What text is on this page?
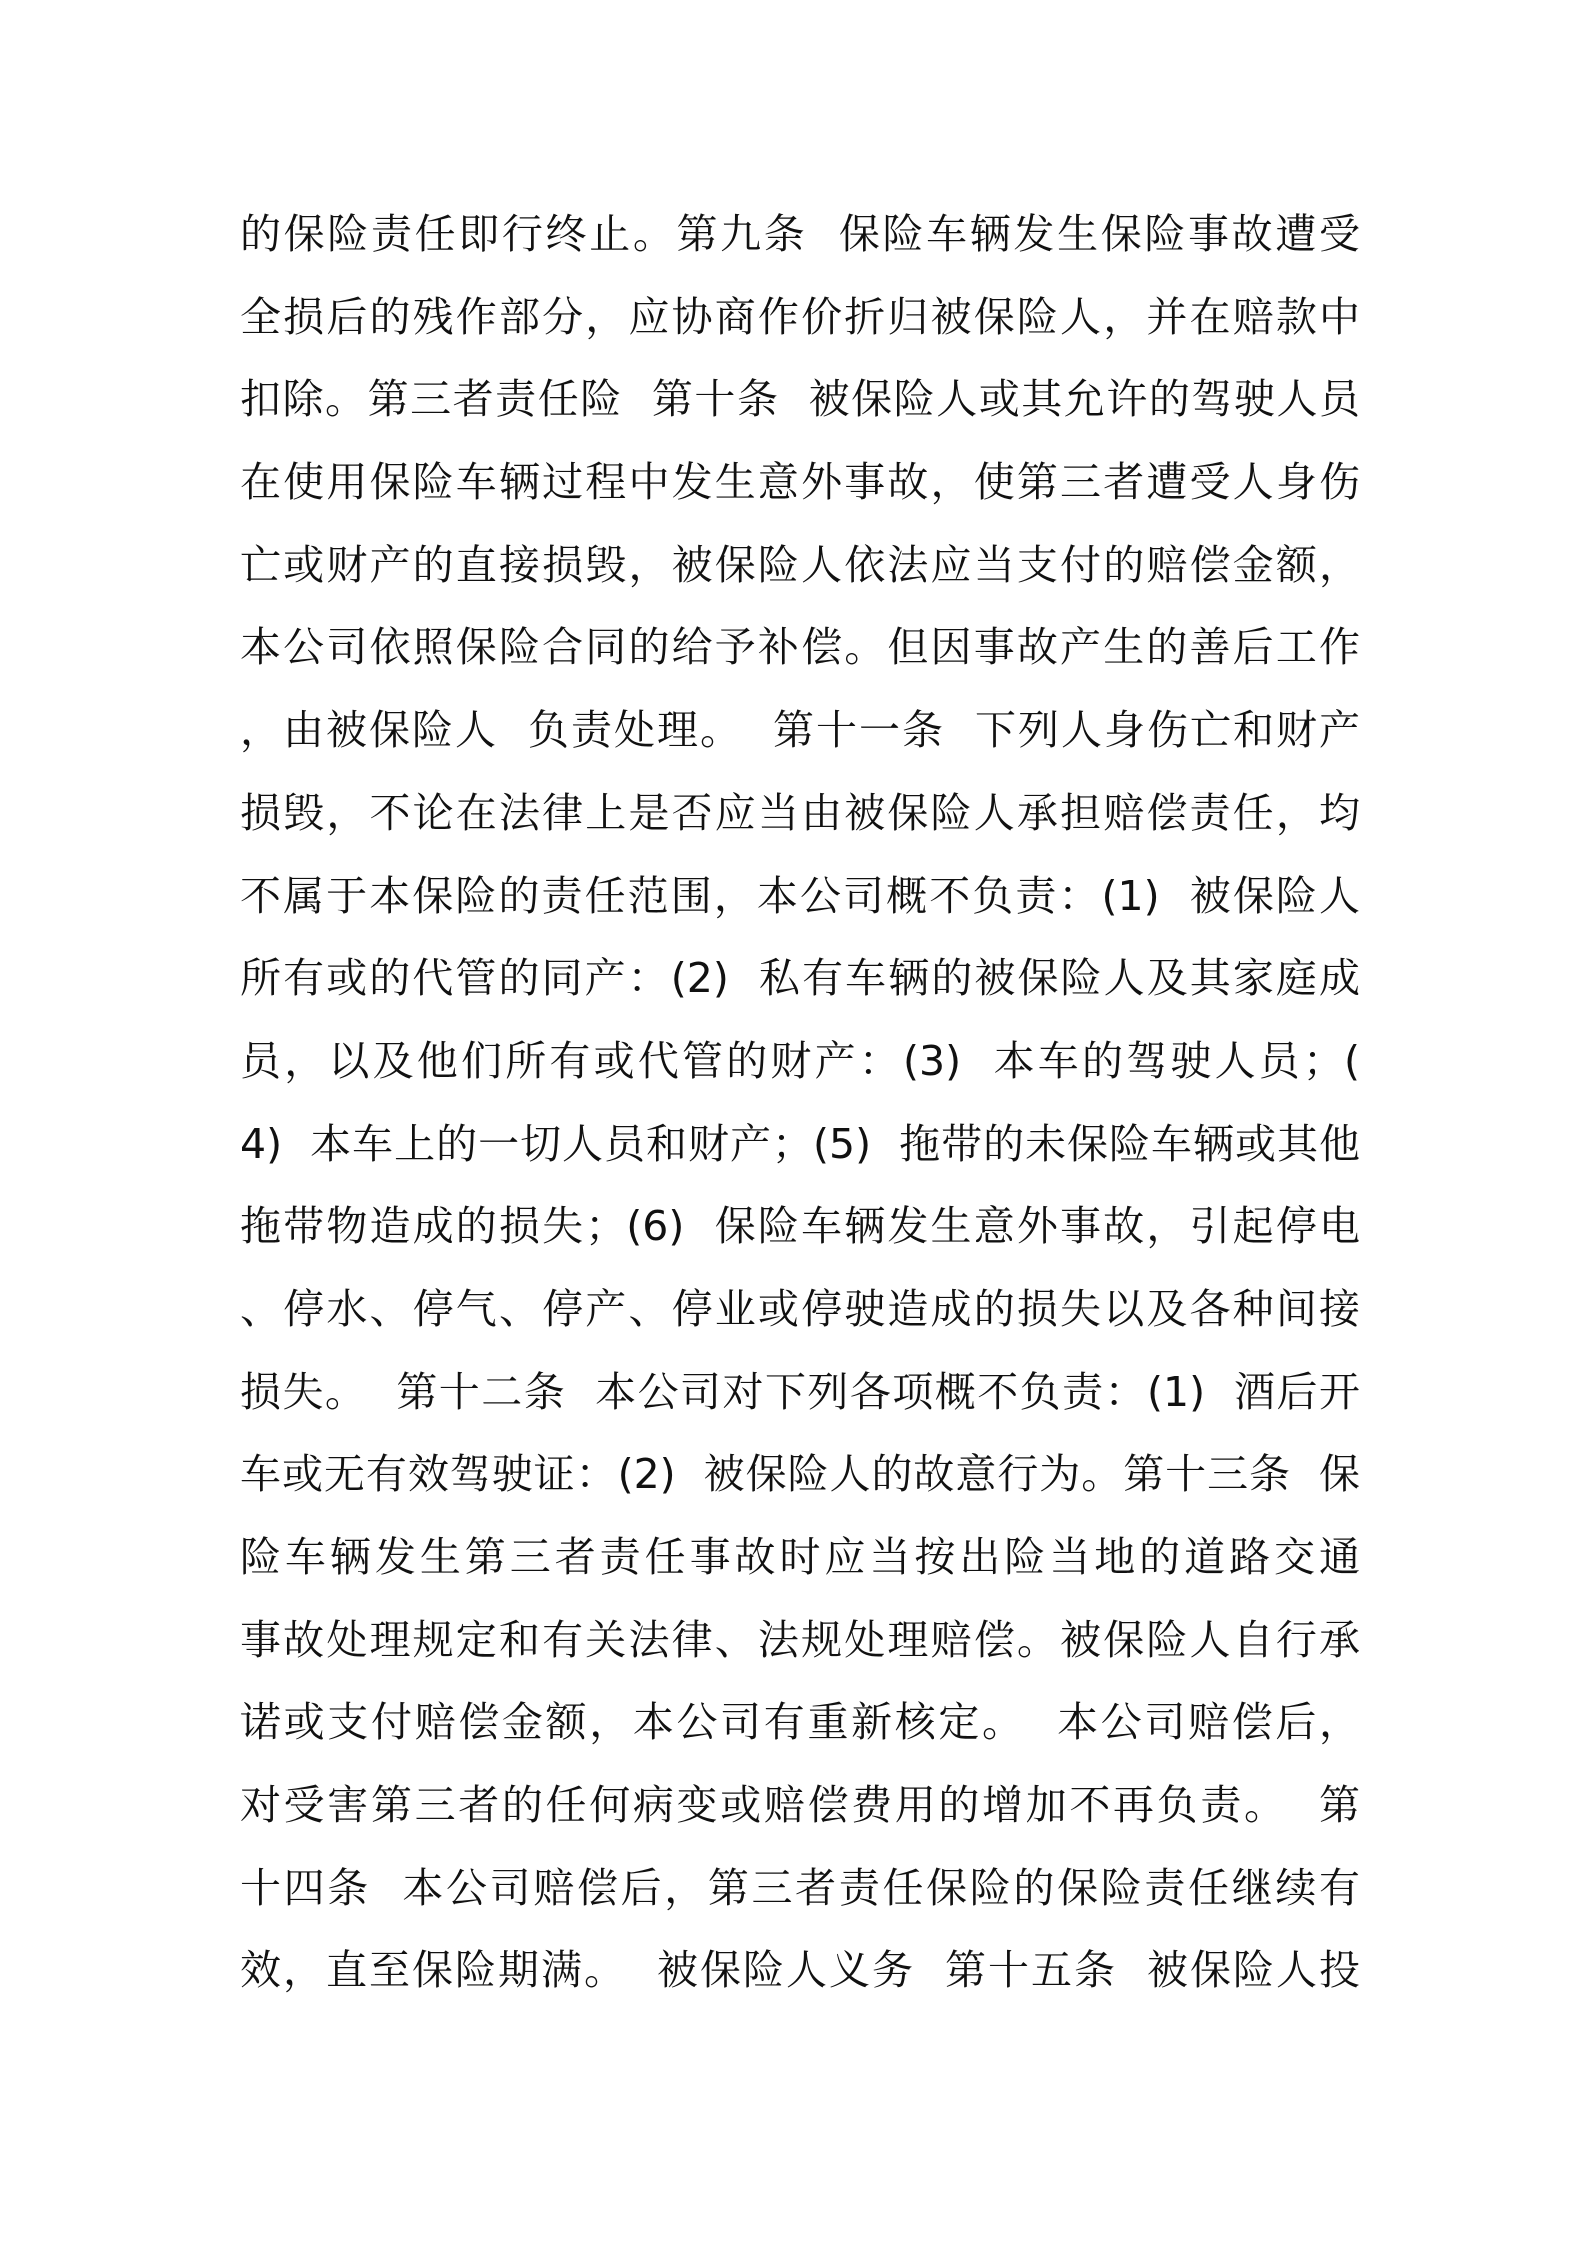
的保险责任即行终止。第九条  保险车辆发生保险事故遭受
全损后的残作部分，应协商作价折归被保险人，并在赔款中
扣除。第三者责任险  第十条  被保险人或其允许的驾驶人员
在使用保险车辆过程中发生意外事故，使第三者遭受人身伤
亡或财产的直接损毁，被保险人依法应当支付的赔偿金额，
本公司依照保险合同的给予补偿。但因事故产生的善后工作
，由被保险人  负责处理。  第十一条  下列人身伤亡和财产
损毁，不论在法律上是否应当由被保险人承担赔偿责任，均
不属于本保险的责任范围，本公司概不负责：(1)  被保险人
所有或的代管的同产：(2)  私有车辆的被保险人及其家庭成
员，以及他们所有或代管的财产：(3)  本车的驾驶人员；(
4)  本车上的一切人员和财产；(5)  拖带的未保险车辆或其他
拖带物造成的损失；(6)  保险车辆发生意外事故，引起停电
、停水、停气、停产、停业或停驶造成的损失以及各种间接
损失。  第十二条  本公司对下列各项概不负责：(1)  酒后开
车或无有效驾驶证：(2)  被保险人的故意行为。第十三条  保
险车辆发生第三者责任事故时应当按出险当地的道路交通
事故处理规定和有关法律、法规处理赔偿。被保险人自行承
诺或支付赔偿金额，本公司有重新核定。  本公司赔偿后，
对受害第三者的任何病变或赔偿费用的增加不再负责。  第
十四条  本公司赔偿后，第三者责任保险的保险责任继续有
效，直至保险期满。  被保险人义务  第十五条  被保险人投
